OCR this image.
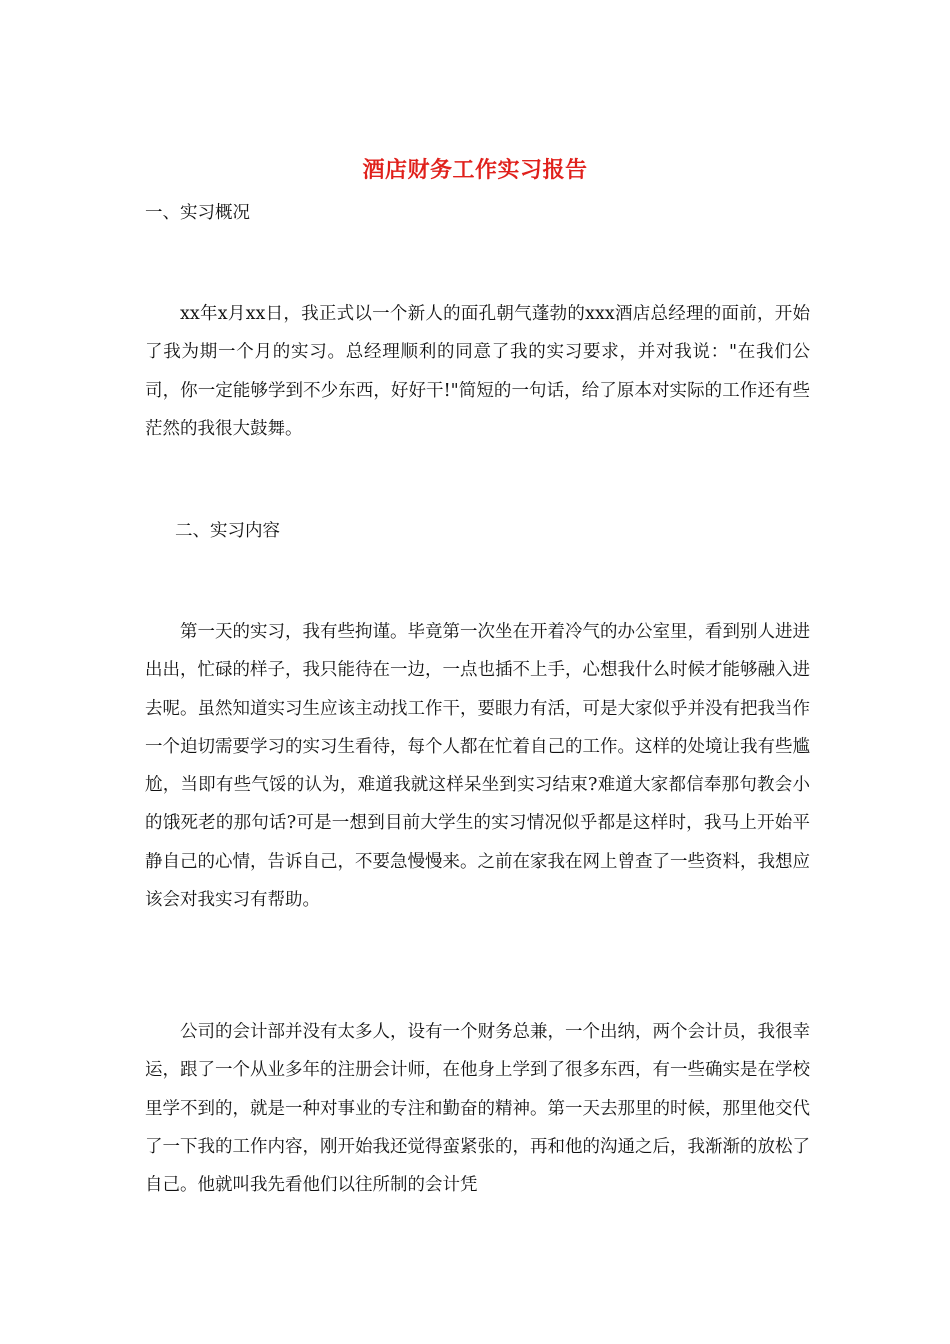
酒店财务工作实习报告
一、实习概况

xx年x月xx日，我正式以一个新人的面孔朝气蓬勃的xxx酒店总经理的面前，开始了我为期一个月的实习。总经理顺利的同意了我的实习要求，并对我说："在我们公司，你一定能够学到不少东西，好好干!"简短的一句话，给了原本对实际的工作还有些茫然的我很大鼓舞。

二、实习内容

第一天的实习，我有些拘谨。毕竟第一次坐在开着冷气的办公室里，看到别人进进出出，忙碌的样子，我只能待在一边，一点也插不上手，心想我什么时候才能够融入进去呢。虽然知道实习生应该主动找工作干，要眼力有活，可是大家似乎并没有把我当作一个迫切需要学习的实习生看待，每个人都在忙着自己的工作。这样的处境让我有些尴尬，当即有些气馁的认为，难道我就这样呆坐到实习结束?难道大家都信奉那句教会小的饿死老的那句话?可是一想到目前大学生的实习情况似乎都是这样时，我马上开始平静自己的心情，告诉自己，不要急慢慢来。之前在家我在网上曾查了一些资料，我想应该会对我实习有帮助。

公司的会计部并没有太多人，设有一个财务总兼，一个出纳，两个会计员，我很幸运，跟了一个从业多年的注册会计师，在他身上学到了很多东西，有一些确实是在学校里学不到的，就是一种对事业的专注和勤奋的精神。第一天去那里的时候，那里他交代了一下我的工作内容，刚开始我还觉得蛮紧张的，再和他的沟通之后，我渐渐的放松了自己。他就叫我先看他们以往所制的会计凭
